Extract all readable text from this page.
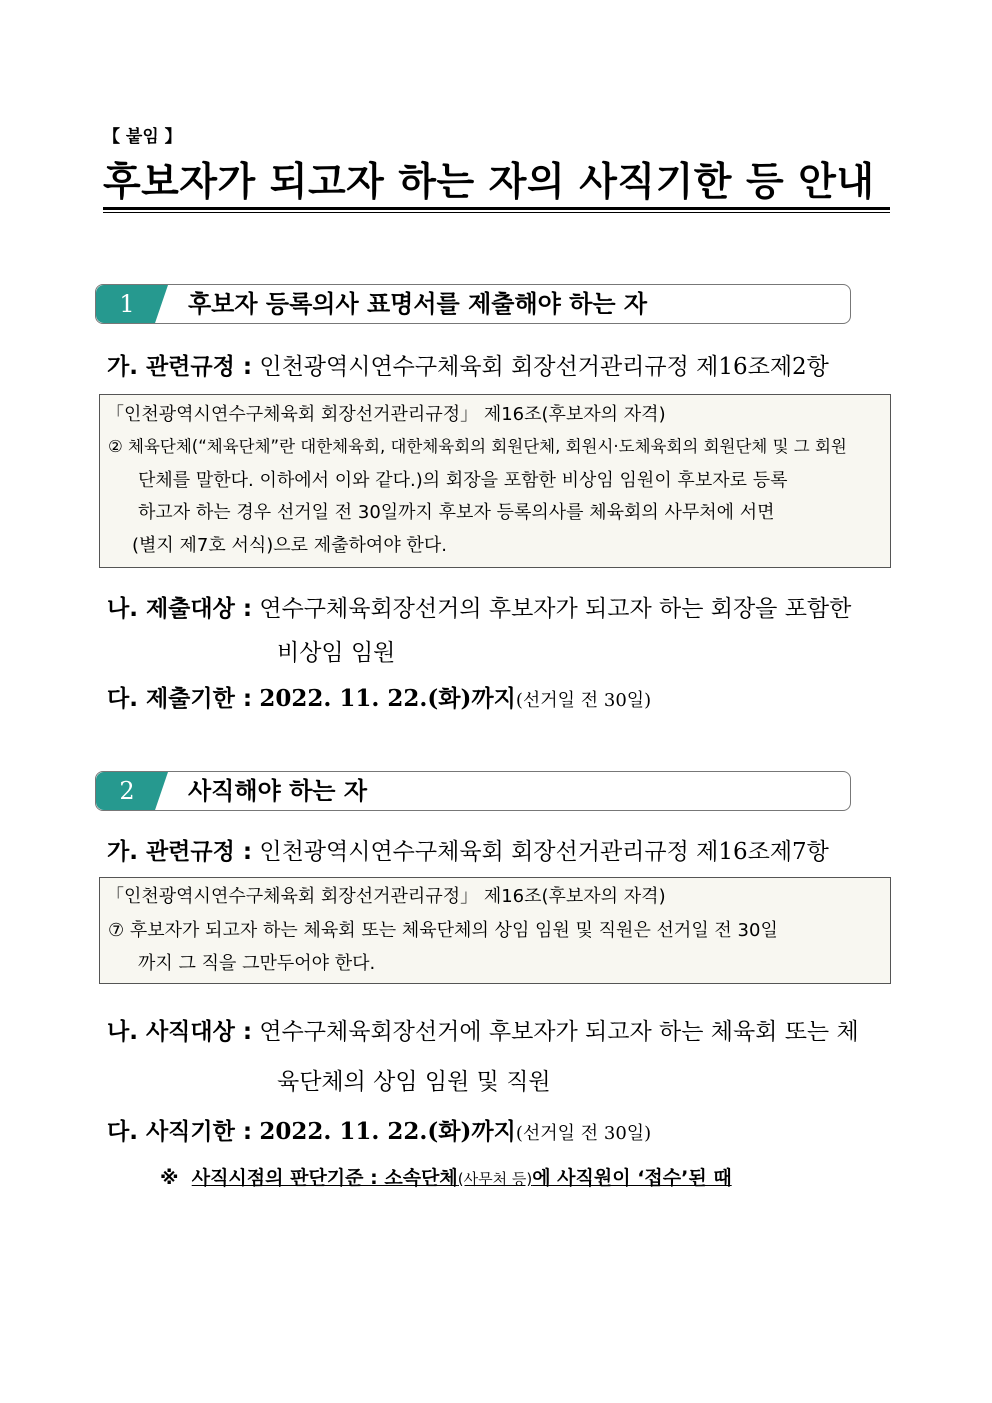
【 붙임 】
후보자가 되고자 하는 자의 사직기한 등 안내
1	후보자 등록의사 표명서를 제출해야 하는 자
가. 관련규정 : 인천광역시연수구체육회 회장선거관리규정 제16조제2항
「인천광역시연수구체육회 회장선거관리규정」 제16조(후보자의 자격)
② 체육단체(“체육단체”란 대한체육회, 대한체육회의 회원단체, 회원시·도체육회의 회원단체 및 그 회원
단체를 말한다. 이하에서 이와 같다.)의 회장을 포함한 비상임 임원이 후보자로 등록
하고자 하는 경우 선거일 전 30일까지 후보자 등록의사를 체육회의 사무처에 서면
(별지 제7호 서식)으로 제출하여야 한다.
나. 제출대상 : 연수구체육회장선거의 후보자가 되고자 하는 회장을 포함한
비상임 임원
다. 제출기한 : 2022. 11. 22.(화)까지(선거일 전 30일)
2	사직해야 하는 자
가. 관련규정 : 인천광역시연수구체육회 회장선거관리규정 제16조제7항
「인천광역시연수구체육회 회장선거관리규정」 제16조(후보자의 자격)
⑦ 후보자가 되고자 하는 체육회 또는 체육단체의 상임 임원 및 직원은 선거일 전 30일
까지 그 직을 그만두어야 한다.
나. 사직대상 : 연수구체육회장선거에 후보자가 되고자 하는 체육회 또는 체
육단체의 상임 임원 및 직원
다. 사직기한 : 2022. 11. 22.(화)까지(선거일 전 30일)
※ 사직시점의 판단기준 : 소속단체(사무처 등)에 사직원이 ‘접수’된 때
